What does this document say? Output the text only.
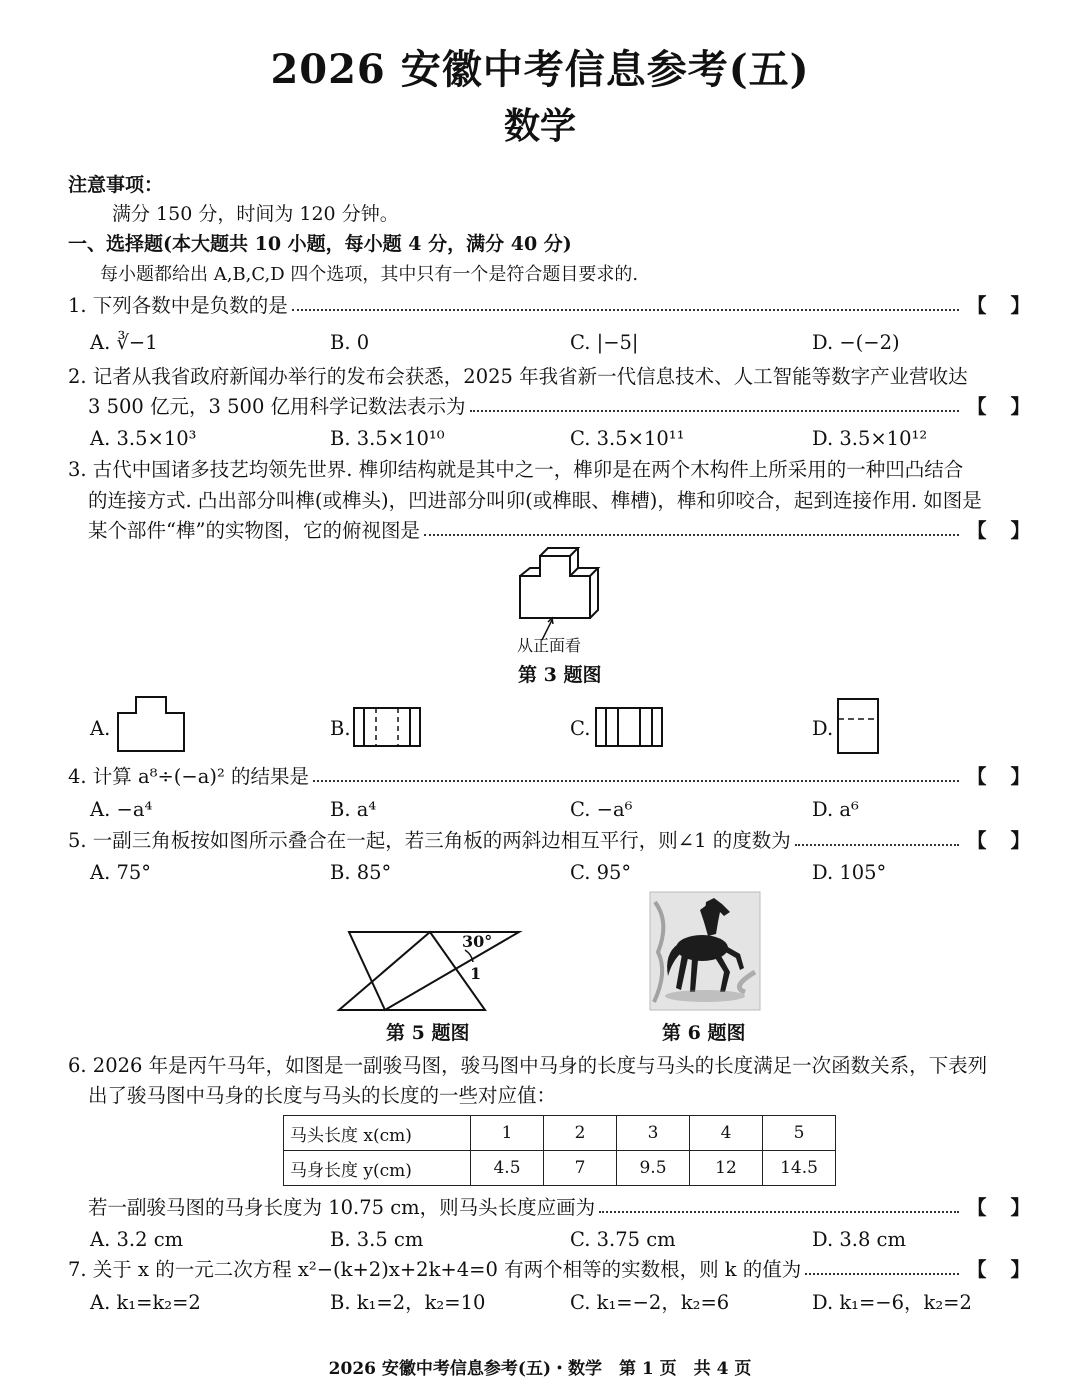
2026 安徽中考信息参考(五)
数学
注意事项：
满分 150 分，时间为 120 分钟。
一、选择题(本大题共 10 小题，每小题 4 分，满分 40 分)
每小题都给出 A,B,C,D 四个选项，其中只有一个是符合题目要求的.
1. 下列各数中是负数的是	【】
A. ∛−1	B. 0	C. |−5|	D. −(−2)
2. 记者从我省政府新闻办举行的发布会获悉，2025 年我省新一代信息技术、人工智能等数字产业营收达
3 500 亿元，3 500 亿用科学记数法表示为	【】
A. 3.5×10³	B. 3.5×10¹⁰	C. 3.5×10¹¹	D. 3.5×10¹²
3. 古代中国诸多技艺均领先世界. 榫卯结构就是其中之一，榫卯是在两个木构件上所采用的一种凹凸结合
的连接方式. 凸出部分叫榫(或榫头)，凹进部分叫卯(或榫眼、榫槽)，榫和卯咬合，起到连接作用. 如图是
某个部件“榫”的实物图，它的俯视图是	【】
从正面看
第 3 题图
A.	B.	C.	D.
4. 计算 a⁸÷(−a)² 的结果是	【】
A. −a⁴	B. a⁴	C. −a⁶	D. a⁶
5. 一副三角板按如图所示叠合在一起，若三角板的两斜边相互平行，则∠1 的度数为	【】
A. 75°	B. 85°	C. 95°	D. 105°
30°
1
第 5 题图	第 6 题图
6. 2026 年是丙午马年，如图是一副骏马图，骏马图中马身的长度与马头的长度满足一次函数关系，下表列
出了骏马图中马身的长度与马头的长度的一些对应值：
马头长度 x(cm)	1	2	3	4	5
马身长度 y(cm)	4.5	7	9.5	12	14.5
若一副骏马图的马身长度为 10.75 cm，则马头长度应画为	【】
A. 3.2 cm	B. 3.5 cm	C. 3.75 cm	D. 3.8 cm
7. 关于 x 的一元二次方程 x²−(k+2)x+2k+4=0 有两个相等的实数根，则 k 的值为	【】
A. k₁=k₂=2	B. k₁=2，k₂=10	C. k₁=−2，k₂=6	D. k₁=−6，k₂=2
2026 安徽中考信息参考(五)・数学　第 1 页　共 4 页
